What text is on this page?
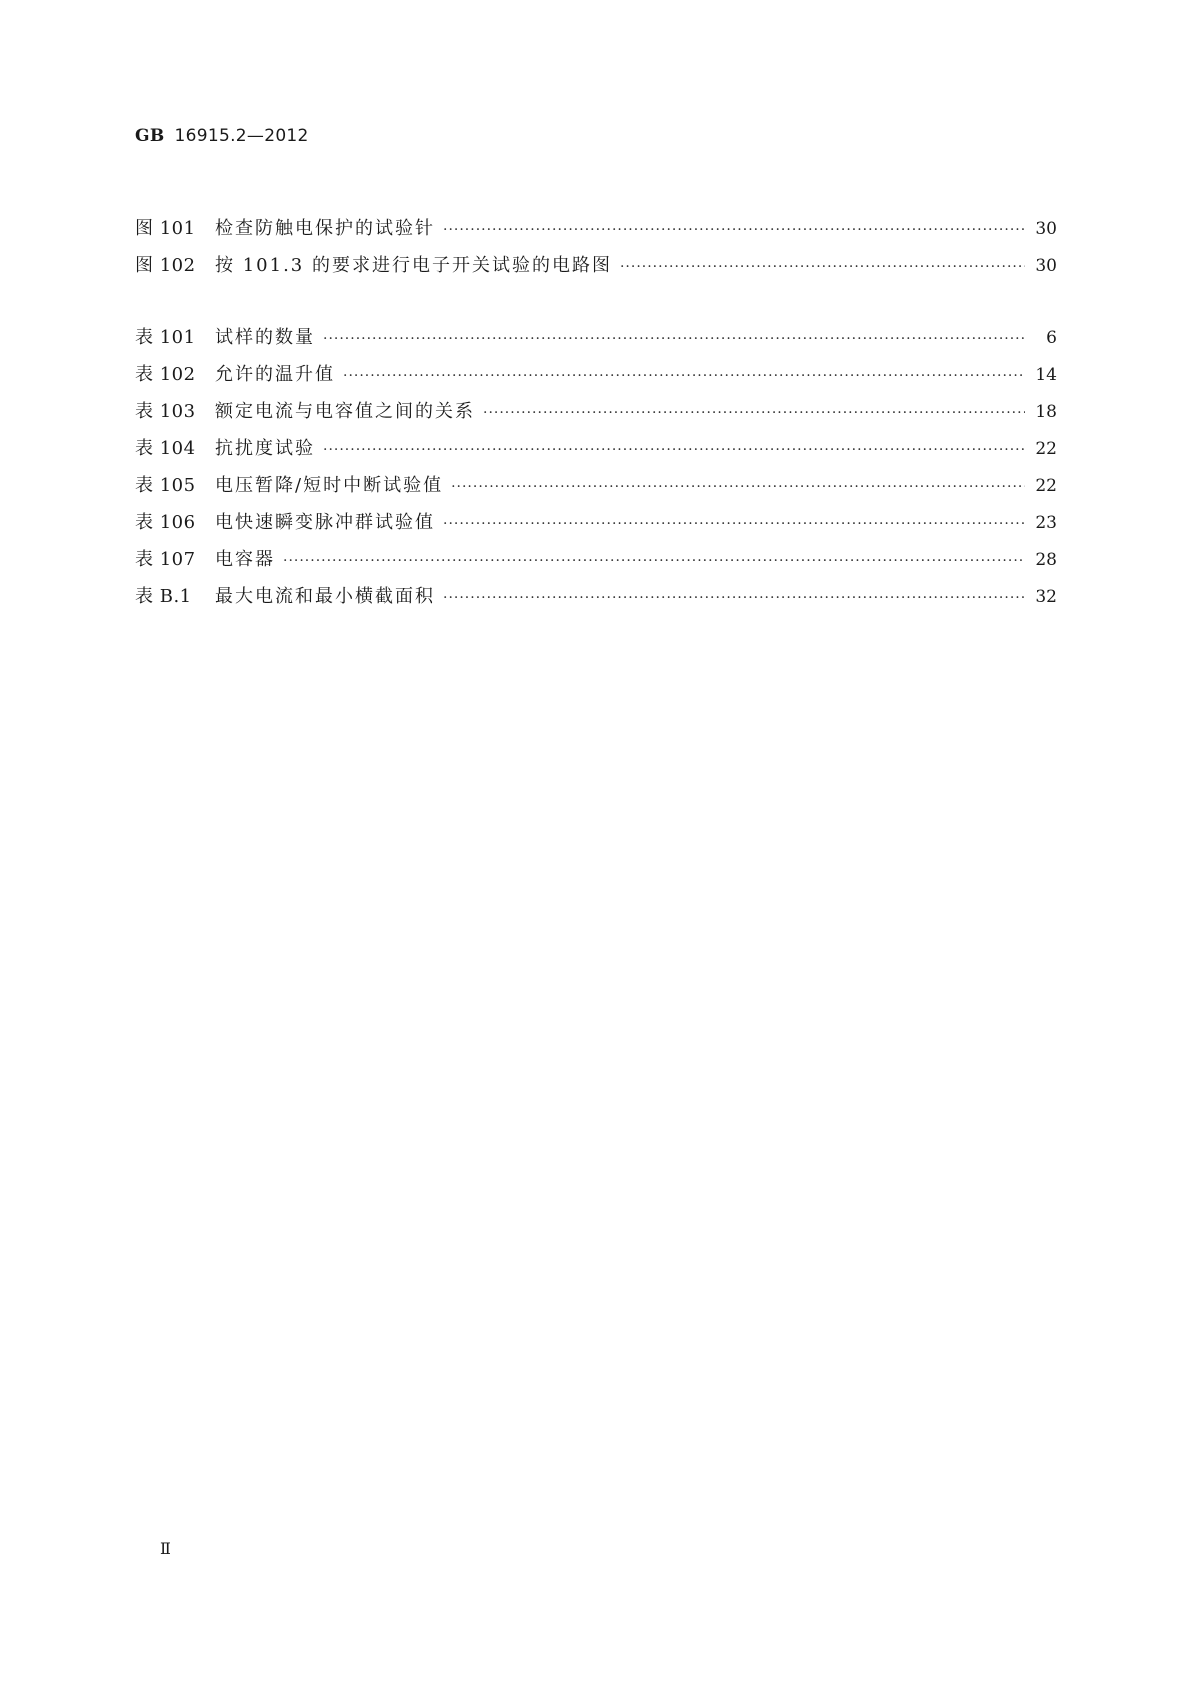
GB 16915.2—2012
图 101	检查防触电保护的试验针 ·····	30
图 102	按 101.3 的要求进行电子开关试验的电路图 ·····	30
表 101	试样的数量 ·····	6
表 102	允许的温升值 ·····	14
表 103	额定电流与电容值之间的关系 ·····	18
表 104	抗扰度试验 ·····	22
表 105	电压暂降/短时中断试验值 ·····	22
表 106	电快速瞬变脉冲群试验值 ·····	23
表 107	电容器 ·····	28
表 B.1	最大电流和最小横截面积 ·····	32
Ⅱ
